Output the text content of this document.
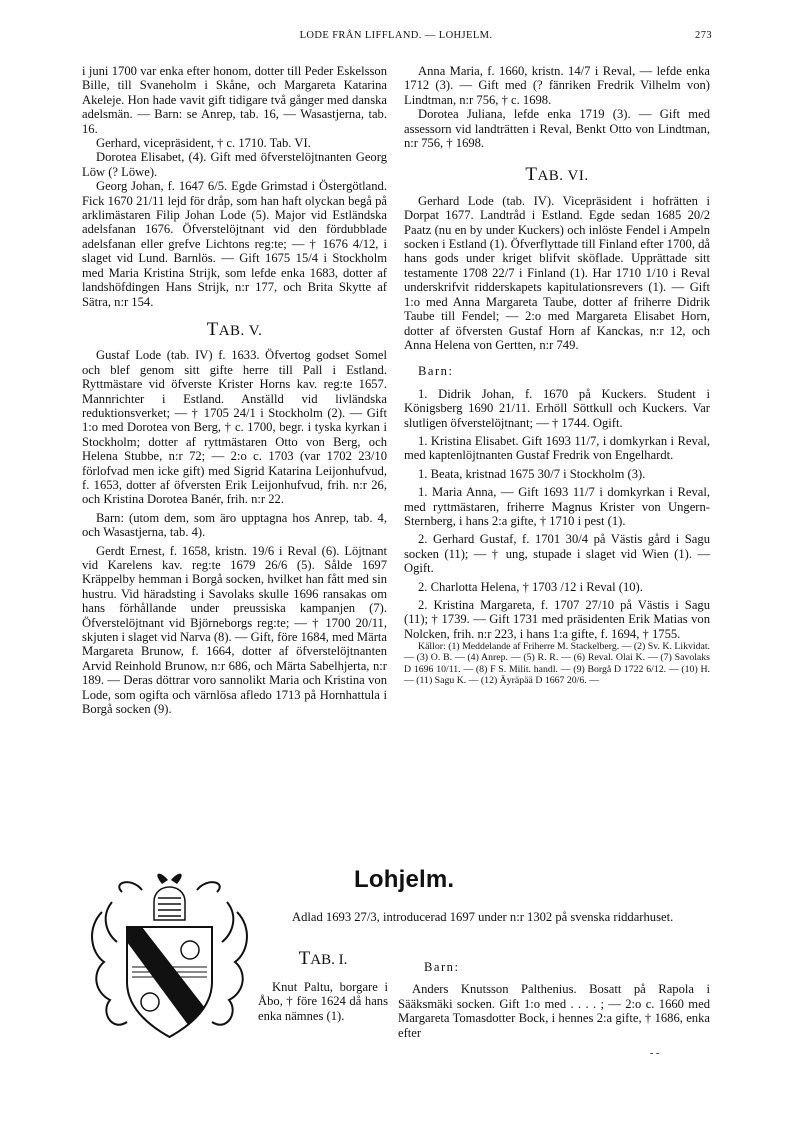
LODE FRÅN LIFFLAND. — LOHJELM.	273

i juni 1700 var enka efter honom, dotter till Peder Eskelsson Bille, till Svaneholm i Skåne, och Margareta Katarina Akeleje. Hon hade vavit gift tidigare två gånger med danska adelsmän. — Barn: se Anrep, tab. 16, — Wasastjerna, tab. 16.

Gerhard, vicepräsident, † c. 1710. Tab. VI.

Dorotea Elisabet, (4). Gift med öfverstelöjtnanten Georg Löw (? Löwe).

Georg Johan, f. 1647 6/5. Egde Grimstad i Östergötland. Fick 1670 21/11 lejd för dråp, som han haft olyckan begå på arklimästaren Filip Johan Lode (5). Major vid Estländska adelsfanan 1676. Öfverstelöjtnant vid den fördubblade adelsfanan eller grefve Lichtons reg:te; — † 1676 4/12, i slaget vid Lund. Barnlös. — Gift 1675 15/4 i Stockholm med Maria Kristina Strijk, som lefde enka 1683, dotter af landshöfdingen Hans Strijk, n:r 177, och Brita Skytte af Sätra, n:r 154.

TAB. V.

Gustaf Lode (tab. IV) f. 1633. Öfvertog godset Somel och blef genom sitt gifte herre till Pall i Estland. Ryttmästare vid öfverste Krister Horns kav. reg:te 1657. Mannrichter i Estland. Anställd vid livländska reduktionsverket; — † 1705 24/1 i Stockholm (2). — Gift 1:o med Dorotea von Berg, † c. 1700, begr. i tyska kyrkan i Stockholm; dotter af ryttmästaren Otto von Berg, och Helena Stubbe, n:r 72; — 2:o c. 1703 (var 1702 23/10 förlofvad men icke gift) med Sigrid Katarina Leijonhufvud, f. 1653, dotter af öfversten Erik Leijonhufvud, frih. n:r 26, och Kristina Dorotea Banér, frih. n:r 22.

Barn: (utom dem, som äro upptagna hos Anrep, tab. 4, och Wasastjerna, tab. 4).

Gerdt Ernest, f. 1658, kristn. 19/6 i Reval (6). Löjtnant vid Karelens kav. reg:te 1679 26/6 (5). Sålde 1697 Kräppelby hemman i Borgå socken, hvilket han fått med sin hustru. Vid häradsting i Savolaks skulle 1696 ransakas om hans förhållande under preussiska kampanjen (7). Öfverstelöjtnant vid Björneborgs reg:te; — † 1700 20/11, skjuten i slaget vid Narva (8). — Gift, före 1684, med Märta Margareta Brunow, f. 1664, dotter af öfverstelöjtnanten Arvid Reinhold Brunow, n:r 686, och Märta Sabelhjerta, n:r 189. — Deras döttrar voro sannolikt Maria och Kristina von Lode, som ogifta och värnlösa afledo 1713 på Hornhattula i Borgå socken (9).

Anna Maria, f. 1660, kristn. 14/7 i Reval, — lefde enka 1712 (3). — Gift med (? fänriken Fredrik Vilhelm von) Lindtman, n:r 756, † c. 1698.

Dorotea Juliana, lefde enka 1719 (3). — Gift med assessorn vid landträtten i Reval, Benkt Otto von Lindtman, n:r 756, † 1698.

TAB. VI.

Gerhard Lode (tab. IV). Vicepräsident i hofrätten i Dorpat 1677. Landtråd i Estland. Egde sedan 1685 20/2 Paatz (nu en by under Kuckers) och inlöste Fendel i Ampeln socken i Estland (1). Öfverflyttade till Finland efter 1700, då hans gods under kriget blifvit sköflade. Upprättade sitt testamente 1708 22/7 i Finland (1). Har 1710 1/10 i Reval underskrifvit ridderskapets kapitulationsrevers (1). — Gift 1:o med Anna Margareta Taube, dotter af friherre Didrik Taube till Fendel; — 2:o med Margareta Elisabet Horn, dotter af öfversten Gustaf Horn af Kanckas, n:r 12, och Anna Helena von Gertten, n:r 749.

Barn:

1. Didrik Johan, f. 1670 på Kuckers. Student i Königsberg 1690 21/11. Erhöll Söttkull och Kuckers. Var slutligen öfverstelöjtnant; — † 1744. Ogift.

1. Kristina Elisabet. Gift 1693 11/7, i domkyrkan i Reval, med kaptenlöjtnanten Gustaf Fredrik von Engelhardt.

1. Beata, kristnad 1675 30/7 i Stockholm (3).

1. Maria Anna, — Gift 1693 11/7 i domkyrkan i Reval, med ryttmästaren, friherre Magnus Krister von Ungern-Sternberg, i hans 2:a gifte, † 1710 i pest (1).

2. Gerhard Gustaf, f. 1701 30/4 på Västis gård i Sagu socken (11); — † ung, stupade i slaget vid Wien (1). — Ogift.

2. Charlotta Helena, † 1703 /12 i Reval (10).

2. Kristina Margareta, f. 1707 27/10 på Västis i Sagu (11); † 1739. — Gift 1731 med präsidenten Erik Matias von Nolcken, frih. n:r 223, i hans 1:a gifte, f. 1694, † 1755.

Källor: (1) Meddelande af Friherre M. Stackelberg. — (2) Sv. K. Likvidat. — (3) O. B. — (4) Anrep. — (5) R. R. — (6) Reval. Olai K. — (7) Savolaks D 1696 10/11. — (8) F S. Milit. handl. — (9) Borgå D 1722 6/12. — (10) H. — (11) Sagu K. — (12) Äyräpää D 1667 20/6. —

Lohjelm.

Adlad 1693 27/3, introducerad 1697 under n:r 1302 på svenska riddarhuset.

TAB. I.

Knut Paltu, borgare i Åbo, † före 1624 då hans enka nämnes (1).

Barn:

Anders Knutsson Palthenius. Bosatt på Rapola i Sääksmäki socken. Gift 1:o med . . . . ; — 2:o c. 1660 med Margareta Tomasdotter Bock, i hennes 2:a gifte, † 1686, enka efter

- -
